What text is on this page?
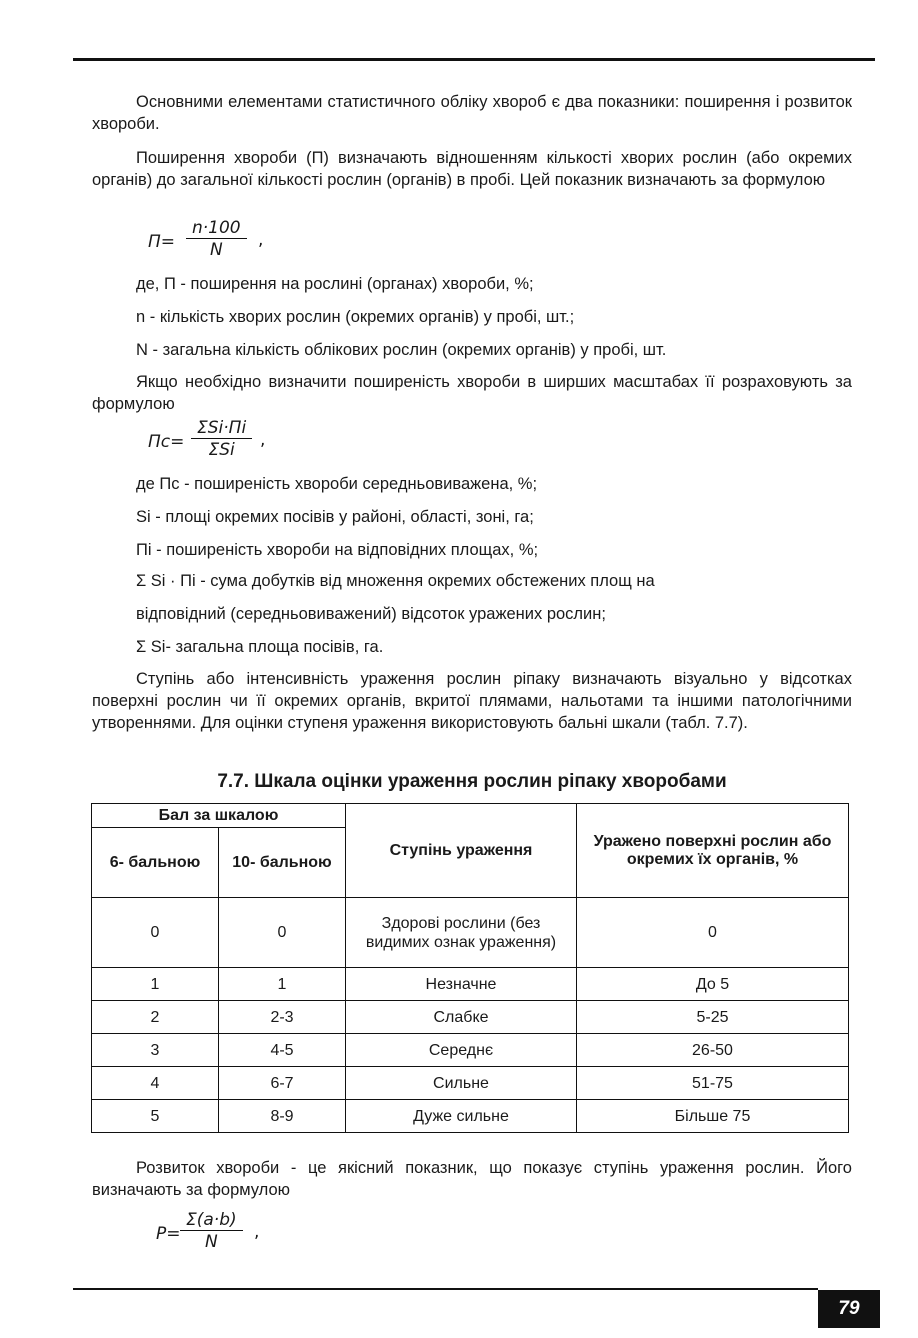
Основними елементами статистичного обліку хвороб є два показники: поширення і розвиток хвороби.

Поширення хвороби (П) визначають відношенням кількості хворих рослин (або окремих органів) до загальної кількості рослин (органів) в пробі. Цей показник визначають за формулою

П=
n·100
N ,

де, П - поширення на рослині (органах) хвороби, %;

n - кількість хворих рослин (окремих органів) у пробі, шт.;

N - загальна кількість облікових рослин (окремих органів) у пробі, шт.

Якщо необхідно визначити поширеність хвороби в ширших масштабах її розраховують за формулою

Пс=
ΣSi·Пі
ΣSi ,

де Пс - поширеність хвороби середньовиважена, %;

Si - площі окремих посівів у районі, області, зоні, га;

Пі - поширеність хвороби на відповідних площах, %;

Σ Si · Пі - сума добутків від множення окремих обстежених площ на

відповідний (середньовиважений) відсоток уражених рослин;

Σ Si- загальна площа посівів, га.

Ступінь або інтенсивність ураження рослин ріпаку визначають візуально у відсотках поверхні рослин чи її окремих органів, вкритої плямами, нальотами та іншими патологічними утвореннями. Для оцінки ступеня ураження використовують бальні шкали (табл. 7.7).

7.7. Шкала оцінки ураження рослин ріпаку хворобами
Бал за шкалою		Ступінь ураження	Уражено поверхні рослин або окремих їх органів, %
6- бальною	10- бальною		
0	0	Здорові рослини (без видимих ознак ураження)	0
1	1	Незначне	До 5
2	2-3	Слабке	5-25
3	4-5	Середнє	26-50
4	6-7	Сильне	51-75
5	8-9	Дуже сильне	Більше 75

Розвиток хвороби - це якісний показник, що показує ступінь ураження рослин. Його визначають за формулою

P=
Σ(a·b)
N ,
79
